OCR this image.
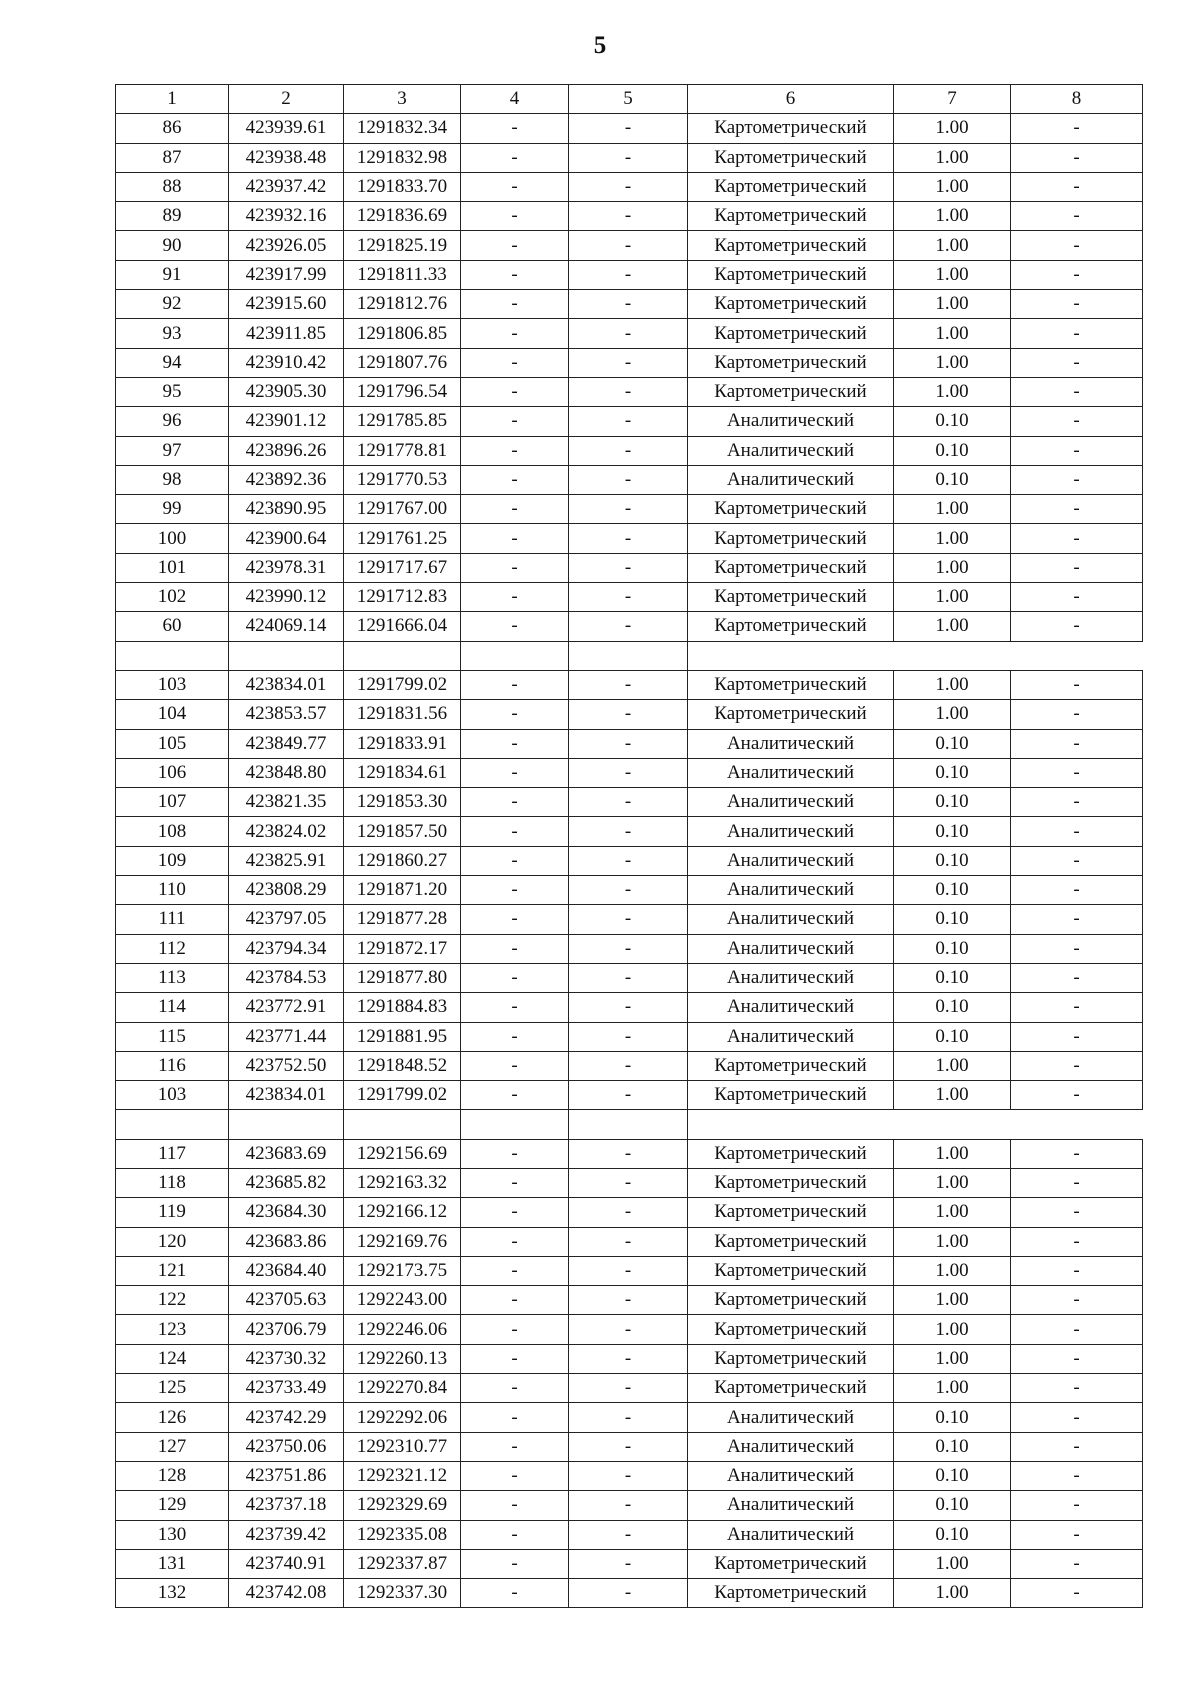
5
1	2	3	4	5	6	7	8
86	423939.61	1291832.34	-	-	Картометрический	1.00	-
87	423938.48	1291832.98	-	-	Картометрический	1.00	-
88	423937.42	1291833.70	-	-	Картометрический	1.00	-
89	423932.16	1291836.69	-	-	Картометрический	1.00	-
90	423926.05	1291825.19	-	-	Картометрический	1.00	-
91	423917.99	1291811.33	-	-	Картометрический	1.00	-
92	423915.60	1291812.76	-	-	Картометрический	1.00	-
93	423911.85	1291806.85	-	-	Картометрический	1.00	-
94	423910.42	1291807.76	-	-	Картометрический	1.00	-
95	423905.30	1291796.54	-	-	Картометрический	1.00	-
96	423901.12	1291785.85	-	-	Аналитический	0.10	-
97	423896.26	1291778.81	-	-	Аналитический	0.10	-
98	423892.36	1291770.53	-	-	Аналитический	0.10	-
99	423890.95	1291767.00	-	-	Картометрический	1.00	-
100	423900.64	1291761.25	-	-	Картометрический	1.00	-
101	423978.31	1291717.67	-	-	Картометрический	1.00	-
102	423990.12	1291712.83	-	-	Картометрический	1.00	-
60	424069.14	1291666.04	-	-	Картометрический	1.00	-

103	423834.01	1291799.02	-	-	Картометрический	1.00	-
104	423853.57	1291831.56	-	-	Картометрический	1.00	-
105	423849.77	1291833.91	-	-	Аналитический	0.10	-
106	423848.80	1291834.61	-	-	Аналитический	0.10	-
107	423821.35	1291853.30	-	-	Аналитический	0.10	-
108	423824.02	1291857.50	-	-	Аналитический	0.10	-
109	423825.91	1291860.27	-	-	Аналитический	0.10	-
110	423808.29	1291871.20	-	-	Аналитический	0.10	-
111	423797.05	1291877.28	-	-	Аналитический	0.10	-
112	423794.34	1291872.17	-	-	Аналитический	0.10	-
113	423784.53	1291877.80	-	-	Аналитический	0.10	-
114	423772.91	1291884.83	-	-	Аналитический	0.10	-
115	423771.44	1291881.95	-	-	Аналитический	0.10	-
116	423752.50	1291848.52	-	-	Картометрический	1.00	-
103	423834.01	1291799.02	-	-	Картометрический	1.00	-

117	423683.69	1292156.69	-	-	Картометрический	1.00	-
118	423685.82	1292163.32	-	-	Картометрический	1.00	-
119	423684.30	1292166.12	-	-	Картометрический	1.00	-
120	423683.86	1292169.76	-	-	Картометрический	1.00	-
121	423684.40	1292173.75	-	-	Картометрический	1.00	-
122	423705.63	1292243.00	-	-	Картометрический	1.00	-
123	423706.79	1292246.06	-	-	Картометрический	1.00	-
124	423730.32	1292260.13	-	-	Картометрический	1.00	-
125	423733.49	1292270.84	-	-	Картометрический	1.00	-
126	423742.29	1292292.06	-	-	Аналитический	0.10	-
127	423750.06	1292310.77	-	-	Аналитический	0.10	-
128	423751.86	1292321.12	-	-	Аналитический	0.10	-
129	423737.18	1292329.69	-	-	Аналитический	0.10	-
130	423739.42	1292335.08	-	-	Аналитический	0.10	-
131	423740.91	1292337.87	-	-	Картометрический	1.00	-
132	423742.08	1292337.30	-	-	Картометрический	1.00	-
